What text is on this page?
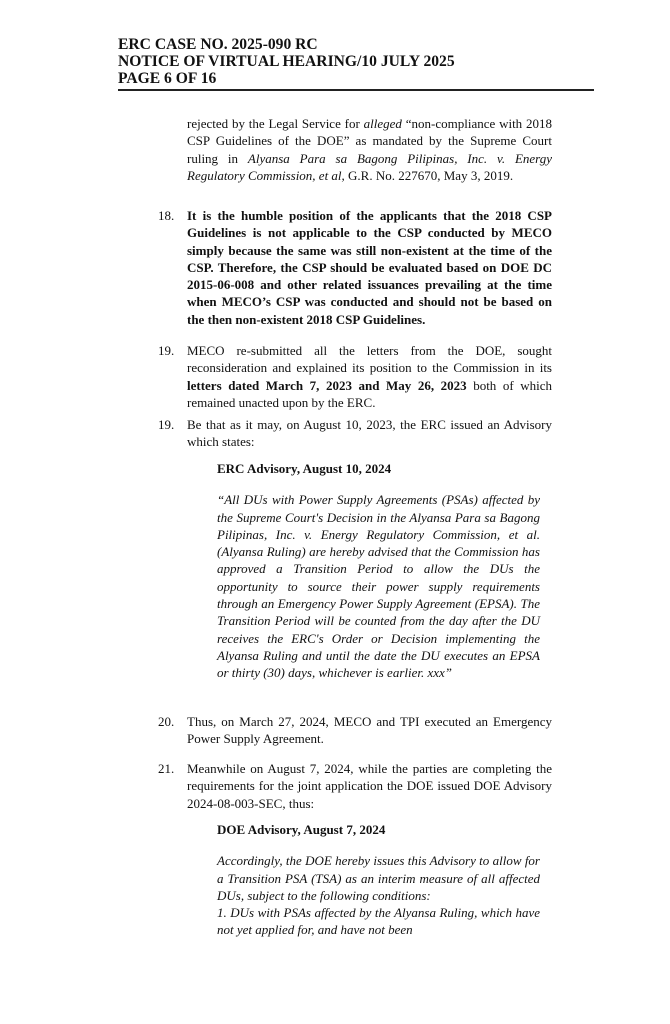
ERC CASE NO. 2025-090 RC
NOTICE OF VIRTUAL HEARING/10 JULY 2025
PAGE 6 OF 16
rejected by the Legal Service for alleged “non-compliance with 2018 CSP Guidelines of the DOE” as mandated by the Supreme Court ruling in Alyansa Para sa Bagong Pilipinas, Inc. v. Energy Regulatory Commission, et al, G.R. No. 227670, May 3, 2019.
18. It is the humble position of the applicants that the 2018 CSP Guidelines is not applicable to the CSP conducted by MECO simply because the same was still non-existent at the time of the CSP. Therefore, the CSP should be evaluated based on DOE DC 2015-06-008 and other related issuances prevailing at the time when MECO’s CSP was conducted and should not be based on the then non-existent 2018 CSP Guidelines.
19. MECO re-submitted all the letters from the DOE, sought reconsideration and explained its position to the Commission in its letters dated March 7, 2023 and May 26, 2023 both of which remained unacted upon by the ERC.
19. Be that as it may, on August 10, 2023, the ERC issued an Advisory which states:
ERC Advisory, August 10, 2024
“All DUs with Power Supply Agreements (PSAs) affected by the Supreme Court's Decision in the Alyansa Para sa Bagong Pilipinas, Inc. v. Energy Regulatory Commission, et al. (Alyansa Ruling) are hereby advised that the Commission has approved a Transition Period to allow the DUs the opportunity to source their power supply requirements through an Emergency Power Supply Agreement (EPSA). The Transition Period will be counted from the day after the DU receives the ERC's Order or Decision implementing the Alyansa Ruling and until the date the DU executes an EPSA or thirty (30) days, whichever is earlier. xxx”
20. Thus, on March 27, 2024, MECO and TPI executed an Emergency Power Supply Agreement.
21. Meanwhile on August 7, 2024, while the parties are completing the requirements for the joint application the DOE issued DOE Advisory 2024-08-003-SEC, thus:
DOE Advisory, August 7, 2024
Accordingly, the DOE hereby issues this Advisory to allow for a Transition PSA (TSA) as an interim measure of all affected DUs, subject to the following conditions:
1. DUs with PSAs affected by the Alyansa Ruling, which have not yet applied for, and have not been
